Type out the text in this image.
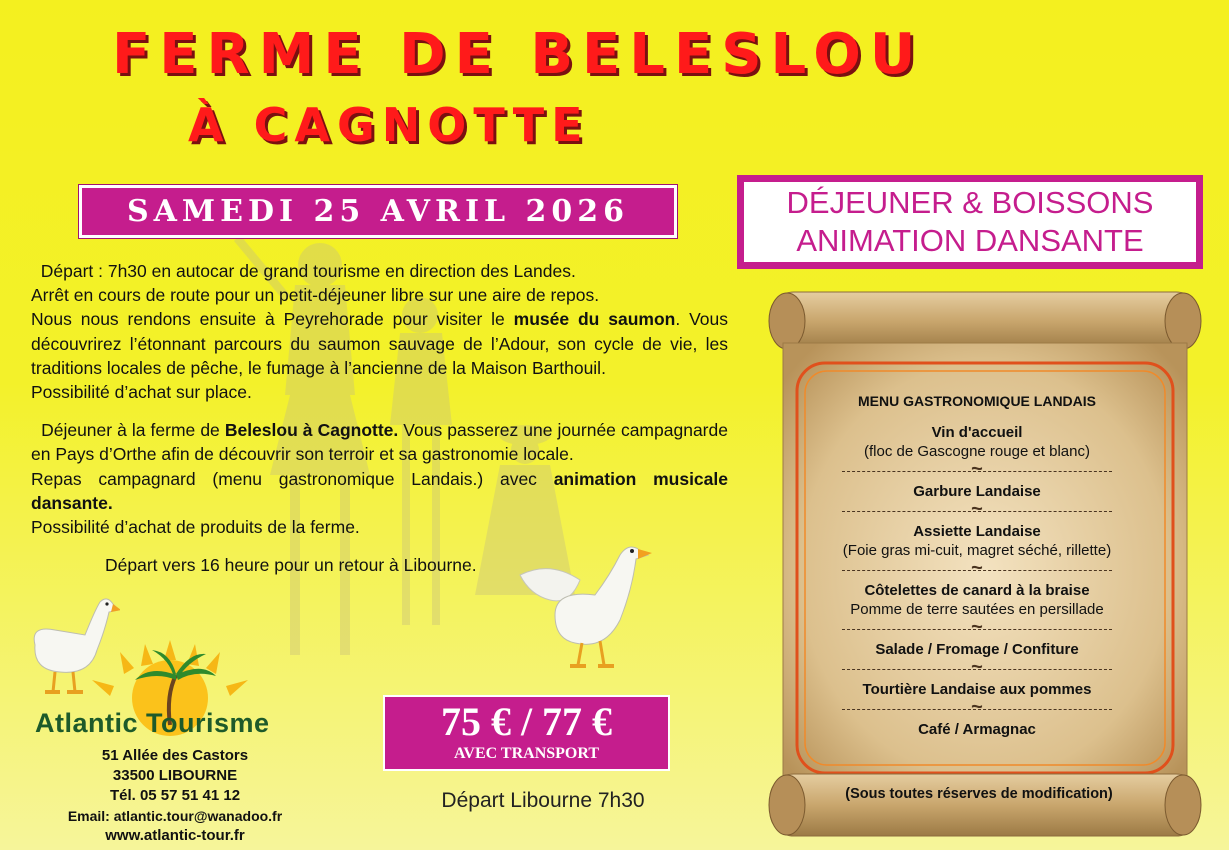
FERME DE BELESLOU
À CAGNOTTE
SAMEDI 25 AVRIL 2026	DÉJEUNER & BOISSONS
ANIMATION DANSANTE

Départ : 7h30 en autocar de grand tourisme en direction des Landes.

Arrêt en cours de route pour un petit-déjeuner libre sur une aire de repos.

Nous nous rendons ensuite à Peyrehorade pour visiter le musée du saumon. Vous découvrirez l’étonnant parcours du saumon sauvage de l’Adour, son cycle de vie, les traditions locales de pêche, le fumage à l’ancienne de la Maison Barthouil.

Possibilité d’achat sur place.

Déjeuner à la ferme de Beleslou à Cagnotte. Vous passerez une journée campagnarde en Pays d’Orthe afin de découvrir son terroir et sa gastronomie locale.

Repas campagnard (menu gastronomique Landais.) avec animation musicale dansante.

Possibilité d’achat de produits de la ferme.

Départ vers 16 heure pour un retour à Libourne.

Atlantic Tourisme
51 Allée des Castors
33500 LIBOURNE
Tél. 05 57 51 41 12
Email: atlantic.tour@wanadoo.fr
www.atlantic-tour.fr
75 € / 77 €
AVEC TRANSPORT
Départ Libourne 7h30
MENU GASTRONOMIQUE LANDAIS
Vin d'accueil
(floc de Gascogne rouge et blanc)
~
Garbure Landaise
~
Assiette Landaise
(Foie gras mi-cuit, magret séché, rillette)
~
Côtelettes de canard à la braise
Pomme de terre sautées en persillade
~
Salade / Fromage / Confiture
~
Tourtière Landaise aux pommes
~
Café / Armagnac
(Sous toutes réserves de modification)
